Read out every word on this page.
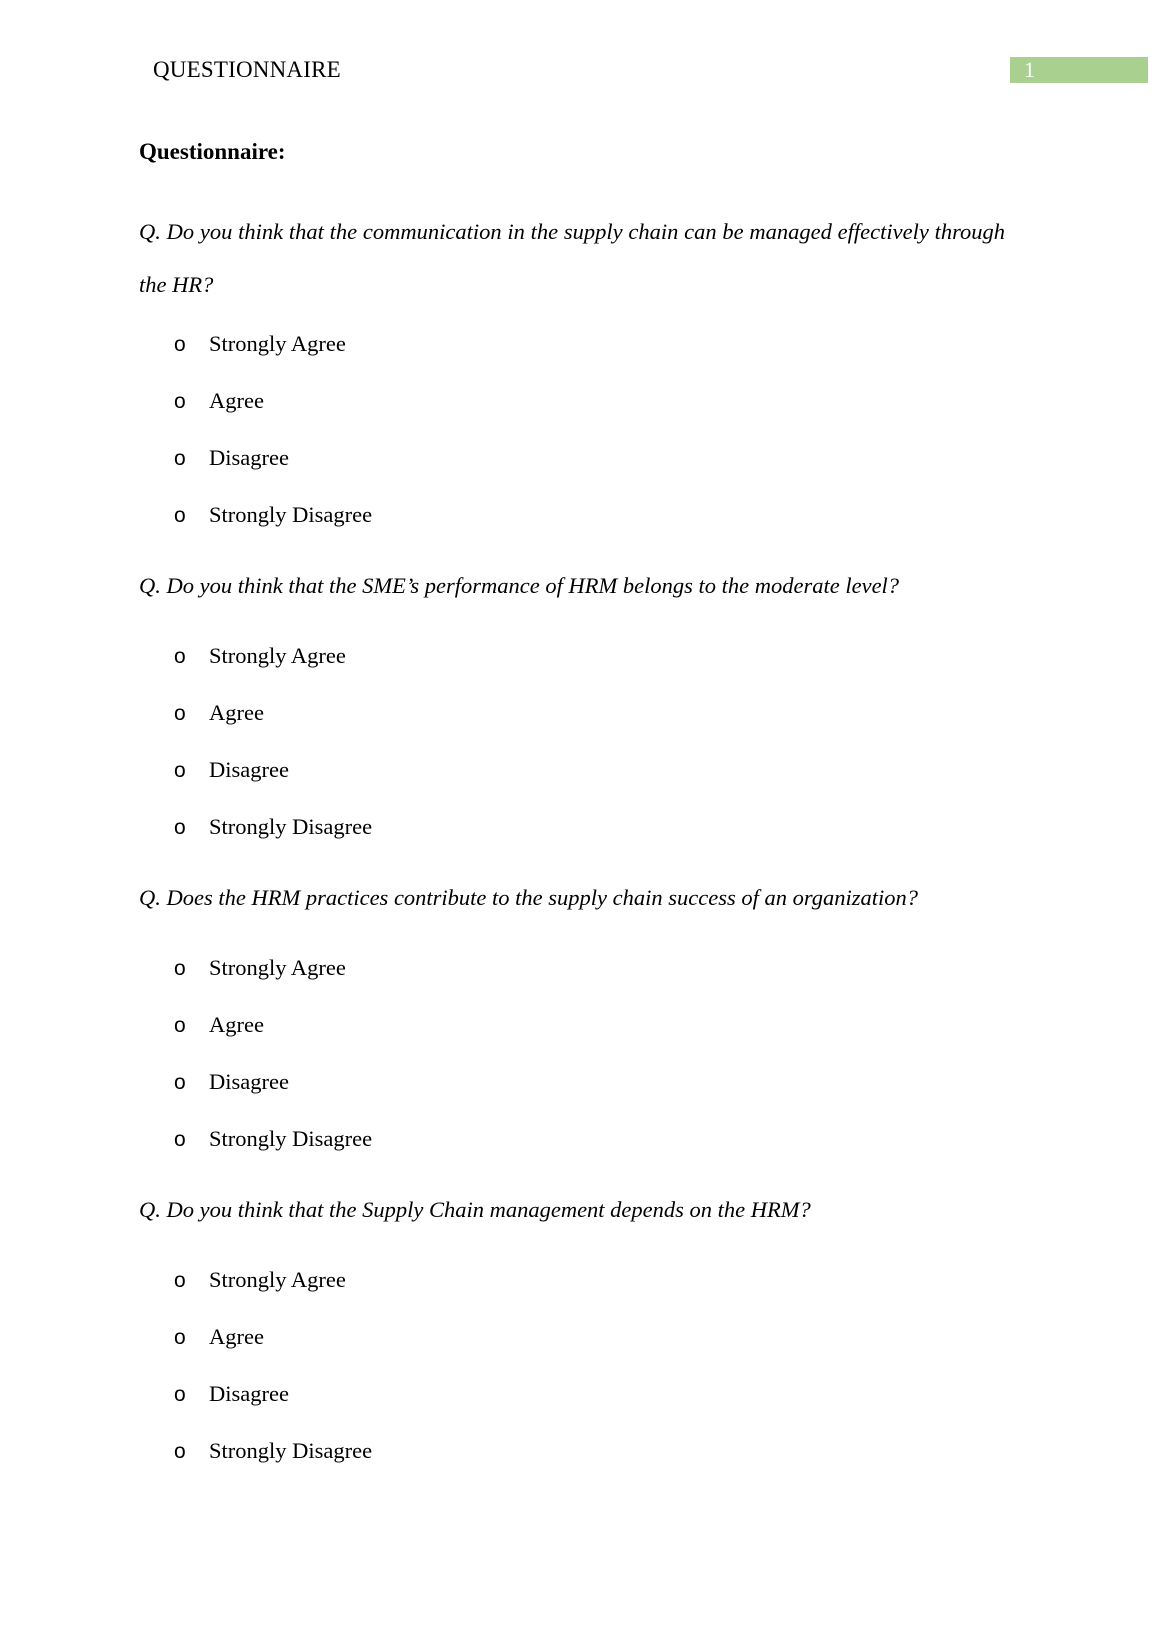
QUESTIONNAIRE	1
Questionnaire:
Q. Do you think that the communication in the supply chain can be managed effectively through the HR?
o Strongly Agree
o Agree
o Disagree
o Strongly Disagree
Q. Do you think that the SME’s performance of HRM belongs to the moderate level?
o Strongly Agree
o Agree
o Disagree
o Strongly Disagree
Q. Does the HRM practices contribute to the supply chain success of an organization?
o Strongly Agree
o Agree
o Disagree
o Strongly Disagree
Q. Do you think that the Supply Chain management depends on the HRM?
o Strongly Agree
o Agree
o Disagree
o Strongly Disagree
